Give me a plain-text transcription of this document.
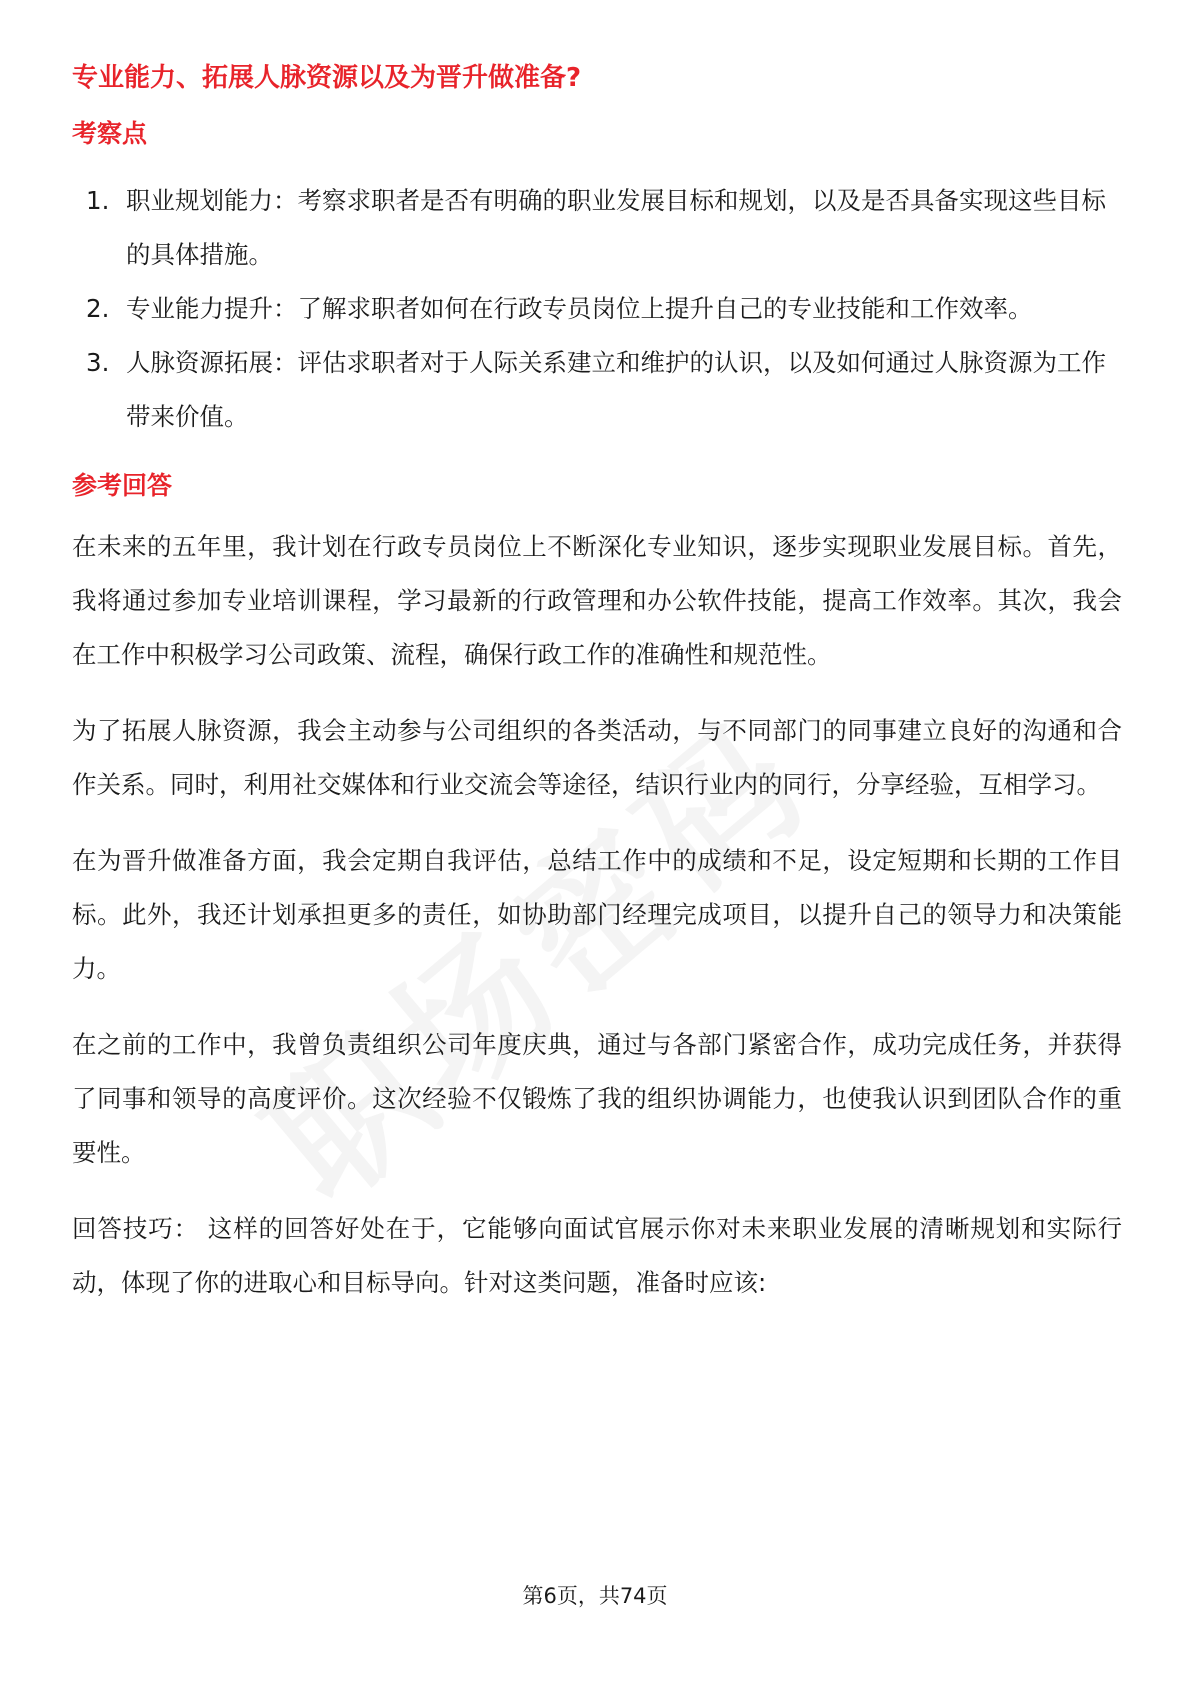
专业能力、拓展人脉资源以及为晋升做准备?
考察点
1. 职业规划能力：考察求职者是否有明确的职业发展目标和规划，以及是否具备实现这些目标的具体措施。
2. 专业能力提升：了解求职者如何在行政专员岗位上提升自己的专业技能和工作效率。
3. 人脉资源拓展：评估求职者对于人际关系建立和维护的认识，以及如何通过人脉资源为工作带来价值。
参考回答

在未来的五年里，我计划在行政专员岗位上不断深化专业知识，逐步实现职业发展目标。首先，我将通过参加专业培训课程，学习最新的行政管理和办公软件技能，提高工作效率。其次，我会在工作中积极学习公司政策、流程，确保行政工作的准确性和规范性。

为了拓展人脉资源，我会主动参与公司组织的各类活动，与不同部门的同事建立良好的沟通和合作关系。同时，利用社交媒体和行业交流会等途径，结识行业内的同行，分享经验，互相学习。

在为晋升做准备方面，我会定期自我评估，总结工作中的成绩和不足，设定短期和长期的工作目标。此外，我还计划承担更多的责任，如协助部门经理完成项目，以提升自己的领导力和决策能力。

在之前的工作中，我曾负责组织公司年度庆典，通过与各部门紧密合作，成功完成任务，并获得了同事和领导的高度评价。这次经验不仅锻炼了我的组织协调能力，也使我认识到团队合作的重要性。

回答技巧： 这样的回答好处在于，它能够向面试官展示你对未来职业发展的清晰规划和实际行动，体现了你的进取心和目标导向。针对这类问题，准备时应该:

第6页，共74页
